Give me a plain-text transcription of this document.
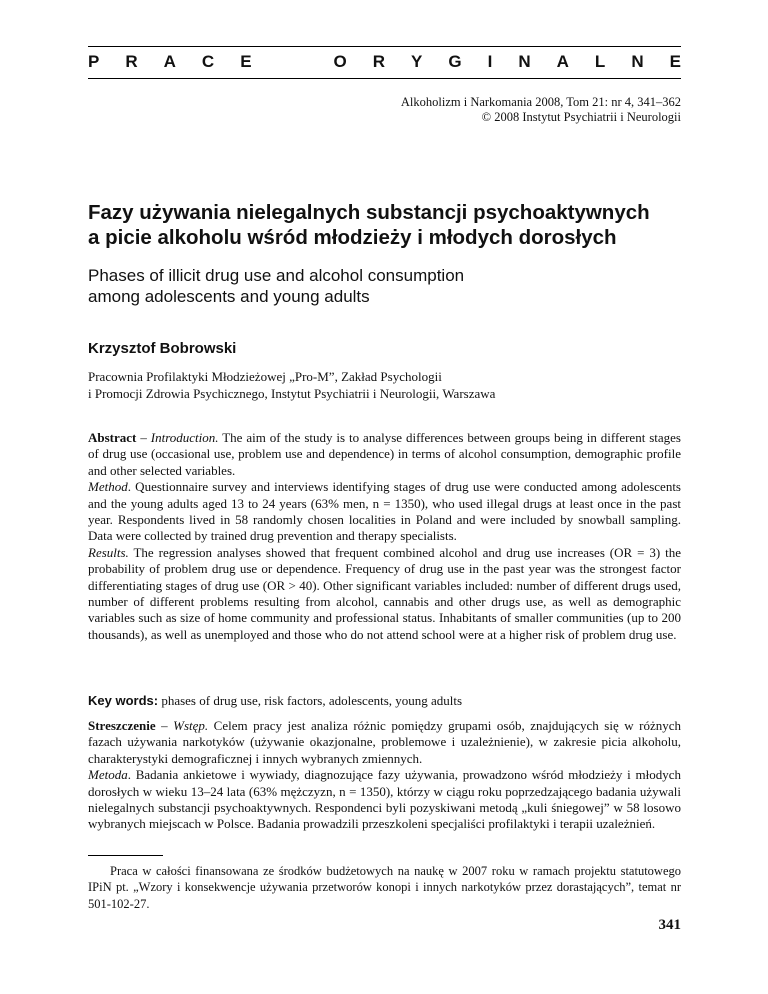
P R A C E	O R Y G I N A L N E
Alkoholizm i Narkomania 2008, Tom 21: nr 4, 341–362
© 2008 Instytut Psychiatrii i Neurologii
Fazy używania nielegalnych substancji psychoaktywnych
a picie alkoholu wśród młodzieży i młodych dorosłych
Phases of illicit drug use and alcohol consumption
among adolescents and young adults
Krzysztof Bobrowski
Pracownia Profilaktyki Młodzieżowej „Pro-M”, Zakład Psychologii
i Promocji Zdrowia Psychicznego, Instytut Psychiatrii i Neurologii, Warszawa

Abstract – Introduction. The aim of the study is to analyse differences between groups being in different stages of drug use (occasional use, problem use and dependence) in terms of alcohol consumption, demographic profile and other selected variables.

Method. Questionnaire survey and interviews identifying stages of drug use were conducted among adolescents and the young adults aged 13 to 24 years (63% men, n = 1350), who used illegal drugs at least once in the past year. Respondents lived in 58 randomly chosen localities in Poland and were included by snowball sampling. Data were collected by trained drug prevention and therapy specialists.

Results. The regression analyses showed that frequent combined alcohol and drug use increases (OR = 3) the probability of problem drug use or dependence. Frequency of drug use in the past year was the strongest factor differentiating stages of drug use (OR > 40). Other significant variables included: number of different drugs used, number of different problems resulting from alcohol, cannabis and other drugs use, as well as demographic variables such as size of home community and professional status. Inhabitants of smaller communities (up to 200 thousands), as well as unemployed and those who do not attend school were at a higher risk of problem drug use.

Key words: phases of drug use, risk factors, adolescents, young adults

Streszczenie – Wstęp. Celem pracy jest analiza różnic pomiędzy grupami osób, znajdujących się w różnych fazach używania narkotyków (używanie okazjonalne, problemowe i uzależnienie), w zakresie picia alkoholu, charakterystyki demograficznej i innych wybranych zmiennych.

Metoda. Badania ankietowe i wywiady, diagnozujące fazy używania, prowadzono wśród młodzieży i młodych dorosłych w wieku 13–24 lata (63% mężczyzn, n = 1350), którzy w ciągu roku poprzedzającego badania używali nielegalnych substancji psychoaktywnych. Respondenci byli pozyskiwani metodą „kuli śniegowej” w 58 losowo wybranych miejscach w Polsce. Badania prowadzili przeszkoleni specjaliści profilaktyki i terapii uzależnień.

Praca w całości finansowana ze środków budżetowych na naukę w 2007 roku w ramach projektu statutowego IPiN pt. „Wzory i konsekwencje używania przetworów konopi i innych narkotyków przez dorastających”, temat nr 501-102-27.
341
